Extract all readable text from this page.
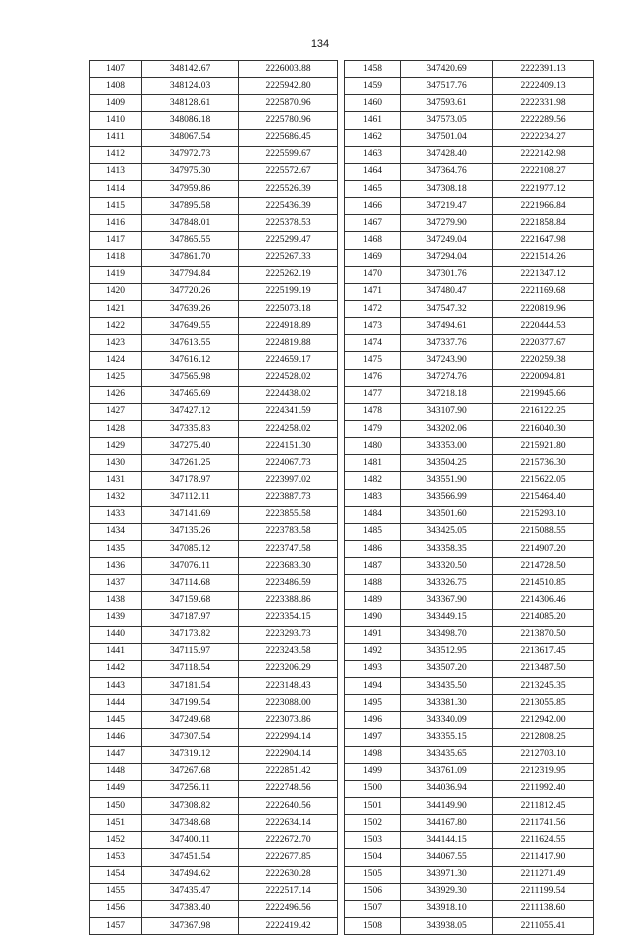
134
1407	348142.67	2226003.88
1408	348124.03	2225942.80
1409	348128.61	2225870.96
1410	348086.18	2225780.96
1411	348067.54	2225686.45
1412	347972.73	2225599.67
1413	347975.30	2225572.67
1414	347959.86	2225526.39
1415	347895.58	2225436.39
1416	347848.01	2225378.53
1417	347865.55	2225299.47
1418	347861.70	2225267.33
1419	347794.84	2225262.19
1420	347720.26	2225199.19
1421	347639.26	2225073.18
1422	347649.55	2224918.89
1423	347613.55	2224819.88
1424	347616.12	2224659.17
1425	347565.98	2224528.02
1426	347465.69	2224438.02
1427	347427.12	2224341.59
1428	347335.83	2224258.02
1429	347275.40	2224151.30
1430	347261.25	2224067.73
1431	347178.97	2223997.02
1432	347112.11	2223887.73
1433	347141.69	2223855.58
1434	347135.26	2223783.58
1435	347085.12	2223747.58
1436	347076.11	2223683.30
1437	347114.68	2223486.59
1438	347159.68	2223388.86
1439	347187.97	2223354.15
1440	347173.82	2223293.73
1441	347115.97	2223243.58
1442	347118.54	2223206.29
1443	347181.54	2223148.43
1444	347199.54	2223088.00
1445	347249.68	2223073.86
1446	347307.54	2222994.14
1447	347319.12	2222904.14
1448	347267.68	2222851.42
1449	347256.11	2222748.56
1450	347308.82	2222640.56
1451	347348.68	2222634.14
1452	347400.11	2222672.70
1453	347451.54	2222677.85
1454	347494.62	2222630.28
1455	347435.47	2222517.14
1456	347383.40	2222496.56
1457	347367.98	2222419.42
1458	347420.69	2222391.13
1459	347517.76	2222409.13
1460	347593.61	2222331.98
1461	347573.05	2222289.56
1462	347501.04	2222234.27
1463	347428.40	2222142.98
1464	347364.76	2222108.27
1465	347308.18	2221977.12
1466	347219.47	2221966.84
1467	347279.90	2221858.84
1468	347249.04	2221647.98
1469	347294.04	2221514.26
1470	347301.76	2221347.12
1471	347480.47	2221169.68
1472	347547.32	2220819.96
1473	347494.61	2220444.53
1474	347337.76	2220377.67
1475	347243.90	2220259.38
1476	347274.76	2220094.81
1477	347218.18	2219945.66
1478	343107.90	2216122.25
1479	343202.06	2216040.30
1480	343353.00	2215921.80
1481	343504.25	2215736.30
1482	343551.90	2215622.05
1483	343566.99	2215464.40
1484	343501.60	2215293.10
1485	343425.05	2215088.55
1486	343358.35	2214907.20
1487	343320.50	2214728.50
1488	343326.75	2214510.85
1489	343367.90	2214306.46
1490	343449.15	2214085.20
1491	343498.70	2213870.50
1492	343512.95	2213617.45
1493	343507.20	2213487.50
1494	343435.50	2213245.35
1495	343381.30	2213055.85
1496	343340.09	2212942.00
1497	343355.15	2212808.25
1498	343435.65	2212703.10
1499	343761.09	2212319.95
1500	344036.94	2211992.40
1501	344149.90	2211812.45
1502	344167.80	2211741.56
1503	344144.15	2211624.55
1504	344067.55	2211417.90
1505	343971.30	2211271.49
1506	343929.30	2211199.54
1507	343918.10	2211138.60
1508	343938.05	2211055.41
